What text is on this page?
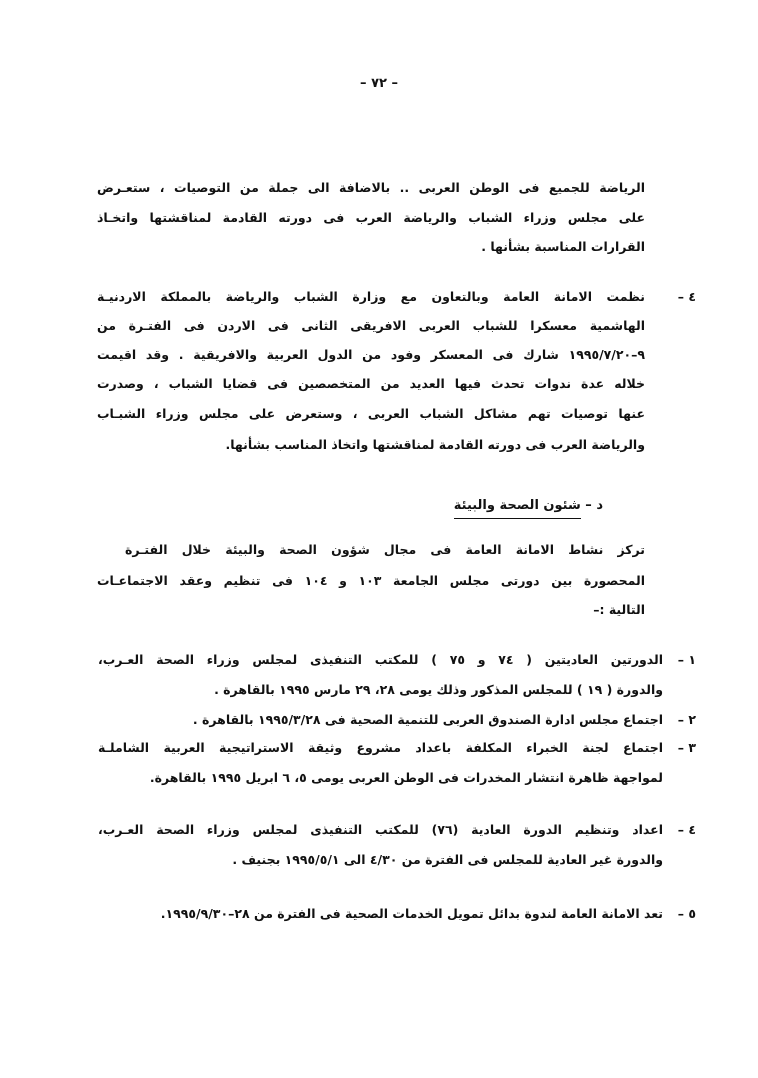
– ٧٢ –
الرياضة للجميع فى الوطن العربى .. بالاضافة الى جملة من التوصيات ، ستعـرض
على مجلس وزراء الشباب والرياضة العرب فى دورته القادمة لمناقشتها واتخـاذ
القرارات المناسبة بشأنها .
٤ –
نظمت الامانة العامة وبالتعاون مع وزارة الشباب والرياضة بالمملكة الاردنيـة
الهاشمية معسكرا للشباب العربى الافريقى الثانى فى الاردن فى الفتـرة من
٩–١٩٩٥/٧/٢٠ شارك فى المعسكر وفود من الدول العربية والافريقية . وقد اقيمت
خلاله عدة ندوات تحدث فيها العديد من المتخصصين فى قضايا الشباب ، وصدرت
عنها توصيات تهم مشاكل الشباب العربى ، وستعرض على مجلس وزراء الشبـاب
والرياضة العرب فى دورته القادمة لمناقشتها واتخاذ المناسب بشأنها.
د – شئون الصحة والبيئة
تركز نشاط الامانة العامة فى مجال شؤون الصحة والبيئة خلال الفتـرة
المحصورة بين دورتى مجلس الجامعة ١٠٣ و ١٠٤ فى تنظيم وعقد الاجتماعـات
التالية :–
١ –
الدورتين العاديتين ( ٧٤ و ٧٥ ) للمكتب التنفيذى لمجلس وزراء الصحة العـرب،
والدورة ( ١٩ ) للمجلس المذكور وذلك يومى ٢٨، ٢٩ مارس ١٩٩٥ بالقاهرة .
٢ –
اجتماع مجلس ادارة الصندوق العربى للتنمية الصحية فى ١٩٩٥/٣/٢٨ بالقاهرة .
٣ –
اجتماع لجنة الخبراء المكلفة باعداد مشروع وثيقة الاستراتيجية العربية الشاملـة
لمواجهة ظاهرة انتشار المخدرات فى الوطن العربى يومى ٥، ٦ ابريل ١٩٩٥ بالقاهرة.
٤ –
اعداد وتنظيم الدورة العادية (٧٦) للمكتب التنفيذى لمجلس وزراء الصحة العـرب،
والدورة غير العادية للمجلس فى الفترة من ٤/٣٠ الى ١٩٩٥/٥/١ بجنيف .
٥ –
تعد الامانة العامة لندوة بدائل تمويل الخدمات الصحية فى الفترة من ٢٨–١٩٩٥/٩/٣٠.
